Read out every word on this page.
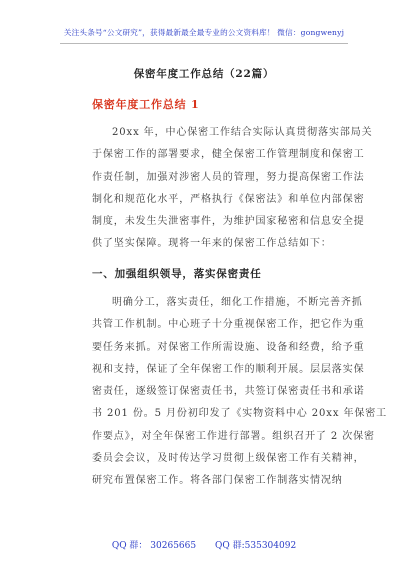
关注头条号“公文研究”，获得最新最全最专业的公文资料库！ 微信：gongwenyj
保密年度工作总结（22篇）
保密年度工作总结 1
20xx 年，中心保密工作结合实际认真贯彻落实部局关
于保密工作的部署要求，健全保密工作管理制度和保密工
作责任制，加强对涉密人员的管理，努力提高保密工作法
制化和规范化水平，严格执行《保密法》和单位内部保密
制度，未发生失泄密事件，为维护国家秘密和信息安全提
供了坚实保障。现将一年来的保密工作总结如下：
一、加强组织领导，落实保密责任
明确分工，落实责任，细化工作措施，不断完善齐抓
共管工作机制。中心班子十分重视保密工作，把它作为重
要任务来抓。对保密工作所需设施、设备和经费，给予重
视和支持，保证了全年保密工作的顺利开展。层层落实保
密责任，逐级签订保密责任书，共签订保密责任书和承诺
书 201 份。5 月份初印发了《实物资料中心 20xx 年保密工
作要点》，对全年保密工作进行部署。组织召开了 2 次保密
委员会会议，及时传达学习贯彻上级保密工作有关精神，
研究布置保密工作。将各部门保密工作制落实情况纳
QQ 群： 30265665 QQ 群:535304092
